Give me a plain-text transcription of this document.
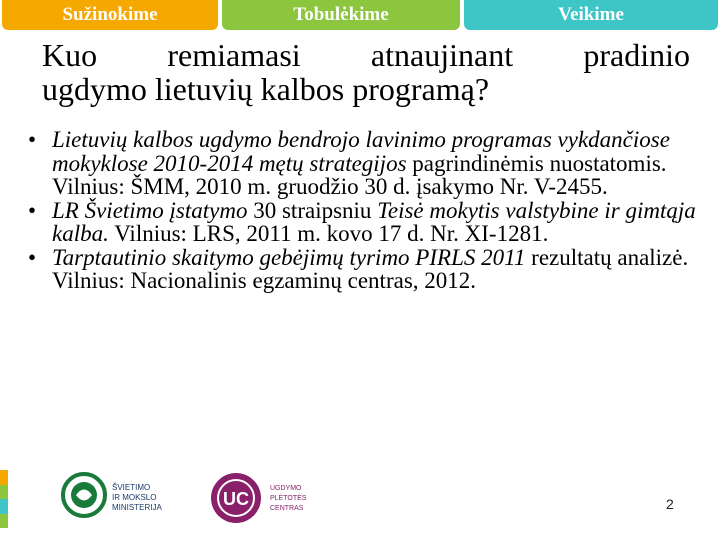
Sužinokime	Tobulėkime	Veikime
Kuo remiamasi atnaujinant pradinio
ugdymo lietuvių kalbos programą?
• Lietuvių kalbos ugdymo bendrojo lavinimo programas vykdančiose mokyklose 2010-2014 mętų strategijos pagrindinėmis nuostatomis. Vilnius: ŠMM, 2010 m. gruodžio 30 d. įsakymo Nr. V-2455.
• LR Švietimo įstatymo 30 straipsniu Teisė mokytis valstybine ir gimtąja kalba. Vilnius: LRS, 2011 m. kovo 17 d. Nr. XI-1281.
• Tarptautinio skaitymo gebėjimų tyrimo PIRLS 2011 rezultatų analizė. Vilnius: Nacionalinis egzaminų centras, 2012.
ŠVIETIMO
IR MOKSLO
MINISTERIJA	UC
UGDYMO
PLĖTOTĖS
CENTRAS	2
